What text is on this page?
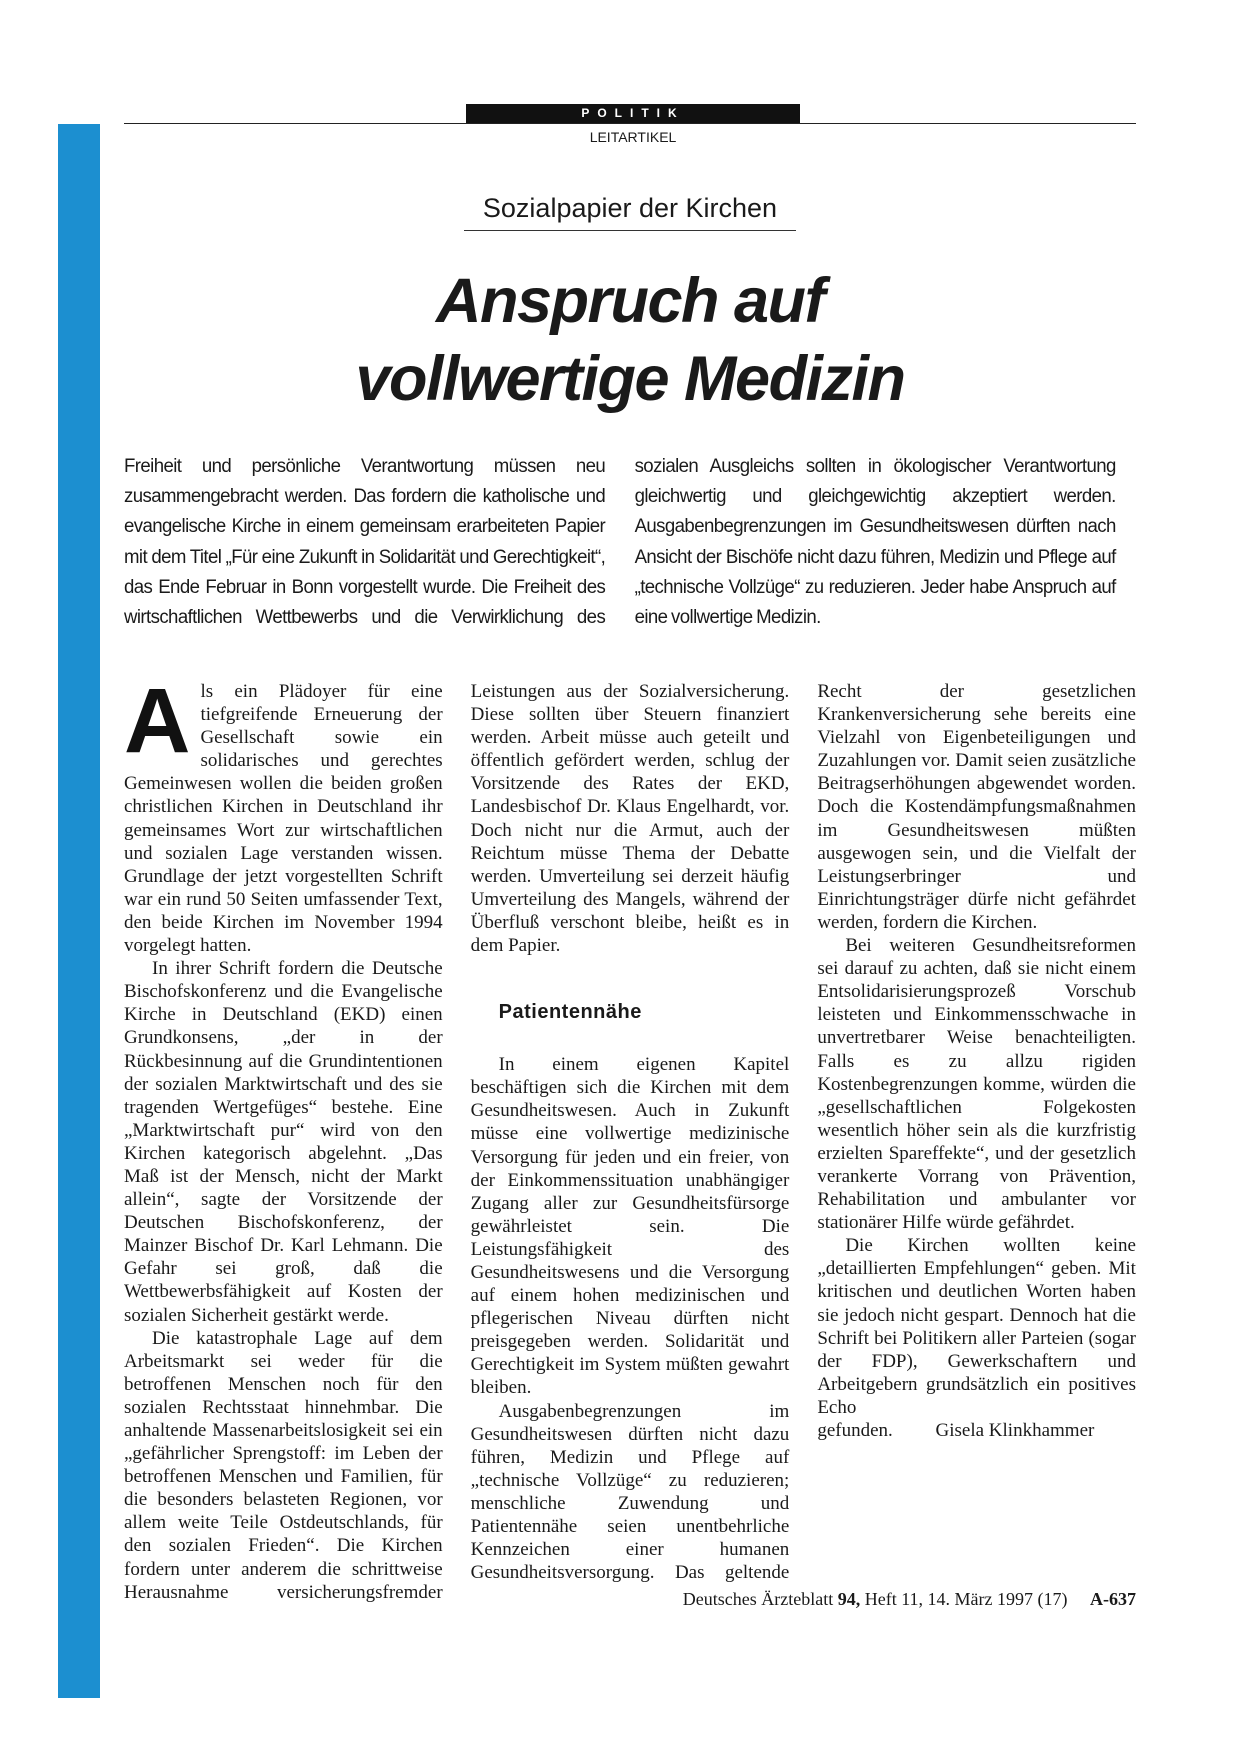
POLITIK
LEITARTIKEL
Sozialpapier der Kirchen
Anspruch auf
vollwertige Medizin

Freiheit und persönliche Verantwortung müssen neu zusammengebracht werden. Das fordern die katholische und evangelische Kirche in einem gemeinsam erarbeiteten Papier mit dem Titel „Für eine Zukunft in Solidarität und Gerechtigkeit“, das Ende Februar in Bonn vorgestellt wurde. Die Freiheit des wirtschaftlichen Wettbewerbs und die Verwirklichung des sozialen Ausgleichs sollten in ökologischer Verantwortung gleichwertig und gleichgewichtig akzeptiert werden. Ausgabenbegrenzungen im Gesundheitswesen dürften nach Ansicht der Bischöfe nicht dazu führen, Medizin und Pflege auf „technische Vollzüge“ zu reduzieren. Jeder habe Anspruch auf eine vollwertige Medizin.

Als ein Plädoyer für eine tiefgreifende Erneuerung der Gesellschaft sowie ein solidarisches und gerechtes Gemeinwesen wollen die beiden großen christlichen Kirchen in Deutschland ihr gemeinsames Wort zur wirtschaftlichen und sozialen Lage verstanden wissen. Grundlage der jetzt vorgestellten Schrift war ein rund 50 Seiten umfassender Text, den beide Kirchen im November 1994 vorgelegt hatten.

In ihrer Schrift fordern die Deutsche Bischofskonferenz und die Evangelische Kirche in Deutschland (EKD) einen Grundkonsens, „der in der Rückbesinnung auf die Grundintentionen der sozialen Marktwirtschaft und des sie tragenden Wertgefüges“ bestehe. Eine „Marktwirtschaft pur“ wird von den Kirchen kategorisch abgelehnt. „Das Maß ist der Mensch, nicht der Markt allein“, sagte der Vorsitzende der Deutschen Bischofskonferenz, der Mainzer Bischof Dr. Karl Lehmann. Die Gefahr sei groß, daß die Wettbewerbsfähigkeit auf Kosten der sozialen Sicherheit gestärkt werde.

Die katastrophale Lage auf dem Arbeitsmarkt sei weder für die betroffenen Menschen noch für den sozialen Rechtsstaat hinnehmbar. Die anhaltende Massenarbeitslosigkeit sei ein „gefährlicher Sprengstoff: im Leben der betroffenen Menschen und Familien, für die besonders belasteten Regionen, vor allem weite Teile Ostdeutschlands, für den sozialen Frieden“. Die Kirchen fordern unter anderem die schrittweise Herausnahme versicherungsfremder Leistungen aus der Sozialversicherung. Diese sollten über Steuern finanziert werden. Arbeit müsse auch geteilt und öffentlich gefördert werden, schlug der Vorsitzende des Rates der EKD, Landesbischof Dr. Klaus Engelhardt, vor. Doch nicht nur die Armut, auch der Reichtum müsse Thema der Debatte werden. Umverteilung sei derzeit häufig Umverteilung des Mangels, während der Überfluß verschont bleibe, heißt es in dem Papier.

Patientennähe

In einem eigenen Kapitel beschäftigen sich die Kirchen mit dem Gesundheitswesen. Auch in Zukunft müsse eine vollwertige medizinische Versorgung für jeden und ein freier, von der Einkommenssituation unabhängiger Zugang aller zur Gesundheitsfürsorge gewährleistet sein. Die Leistungsfähigkeit des Gesundheitswesens und die Versorgung auf einem hohen medizinischen und pflegerischen Niveau dürften nicht preisgegeben werden. Solidarität und Gerechtigkeit im System müßten gewahrt bleiben.

Ausgabenbegrenzungen im Gesundheitswesen dürften nicht dazu führen, Medizin und Pflege auf „technische Vollzüge“ zu reduzieren; menschliche Zuwendung und Patientennähe seien unentbehrliche Kennzeichen einer humanen Gesundheitsversorgung. Das geltende Recht der gesetzlichen Krankenversicherung sehe bereits eine Vielzahl von Eigenbeteiligungen und Zuzahlungen vor. Damit seien zusätzliche Beitragserhöhungen abgewendet worden. Doch die Kostendämpfungsmaßnahmen im Gesundheitswesen müßten ausgewogen sein, und die Vielfalt der Leistungserbringer und Einrichtungsträger dürfe nicht gefährdet werden, fordern die Kirchen.

Bei weiteren Gesundheitsreformen sei darauf zu achten, daß sie nicht einem Entsolidarisierungsprozeß Vorschub leisteten und Einkommensschwache in unvertretbarer Weise benachteiligten. Falls es zu allzu rigiden Kostenbegrenzungen komme, würden die „gesellschaftlichen Folgekosten wesentlich höher sein als die kurzfristig erzielten Spareffekte“, und der gesetzlich verankerte Vorrang von Prävention, Rehabilitation und ambulanter vor stationärer Hilfe würde gefährdet.

Die Kirchen wollten keine „detaillierten Empfehlungen“ geben. Mit kritischen und deutlichen Worten haben sie jedoch nicht gespart. Dennoch hat die Schrift bei Politikern aller Parteien (sogar der FDP), Gewerkschaftern und Arbeitgebern grundsätzlich ein positives Echo gefunden. Gisela Klinkhammer

Deutsches Ärzteblatt 94, Heft 11, 14. März 1997 (17) A-637
